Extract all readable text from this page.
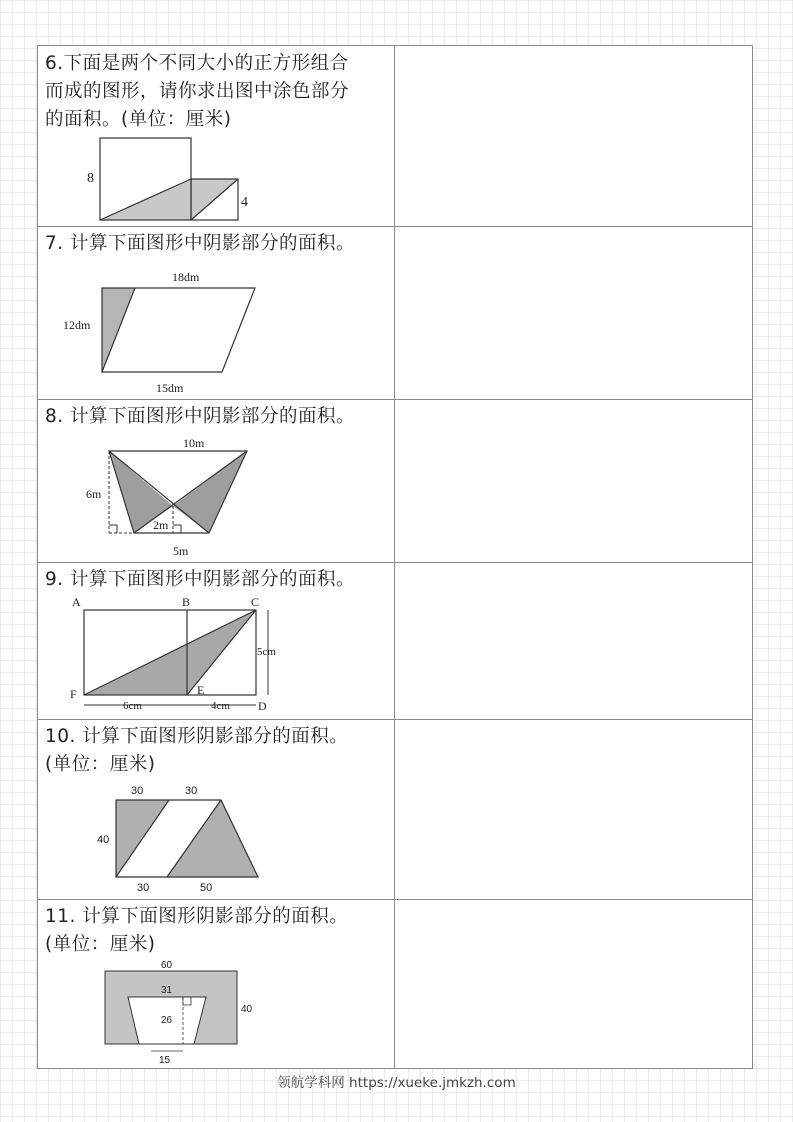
6.下面是两个不同大小的正方形组合
而成的图形，请你求出图中涂色部分
的面积。(单位：厘米)
8
4
7. 计算下面图形中阴影部分的面积。
18dm
12dm
15dm
8. 计算下面图形中阴影部分的面积。
10m
6m
2m
5m
9. 计算下面图形中阴影部分的面积。
A	B	C
D
E
F
6cm	4cm
5cm
10. 计算下面图形阴影部分的面积。
(单位：厘米)
30	30
40
30	50
11. 计算下面图形阴影部分的面积。
(单位：厘米)
60
40
31
26
15
领航学科网 https://xueke.jmkzh.com
